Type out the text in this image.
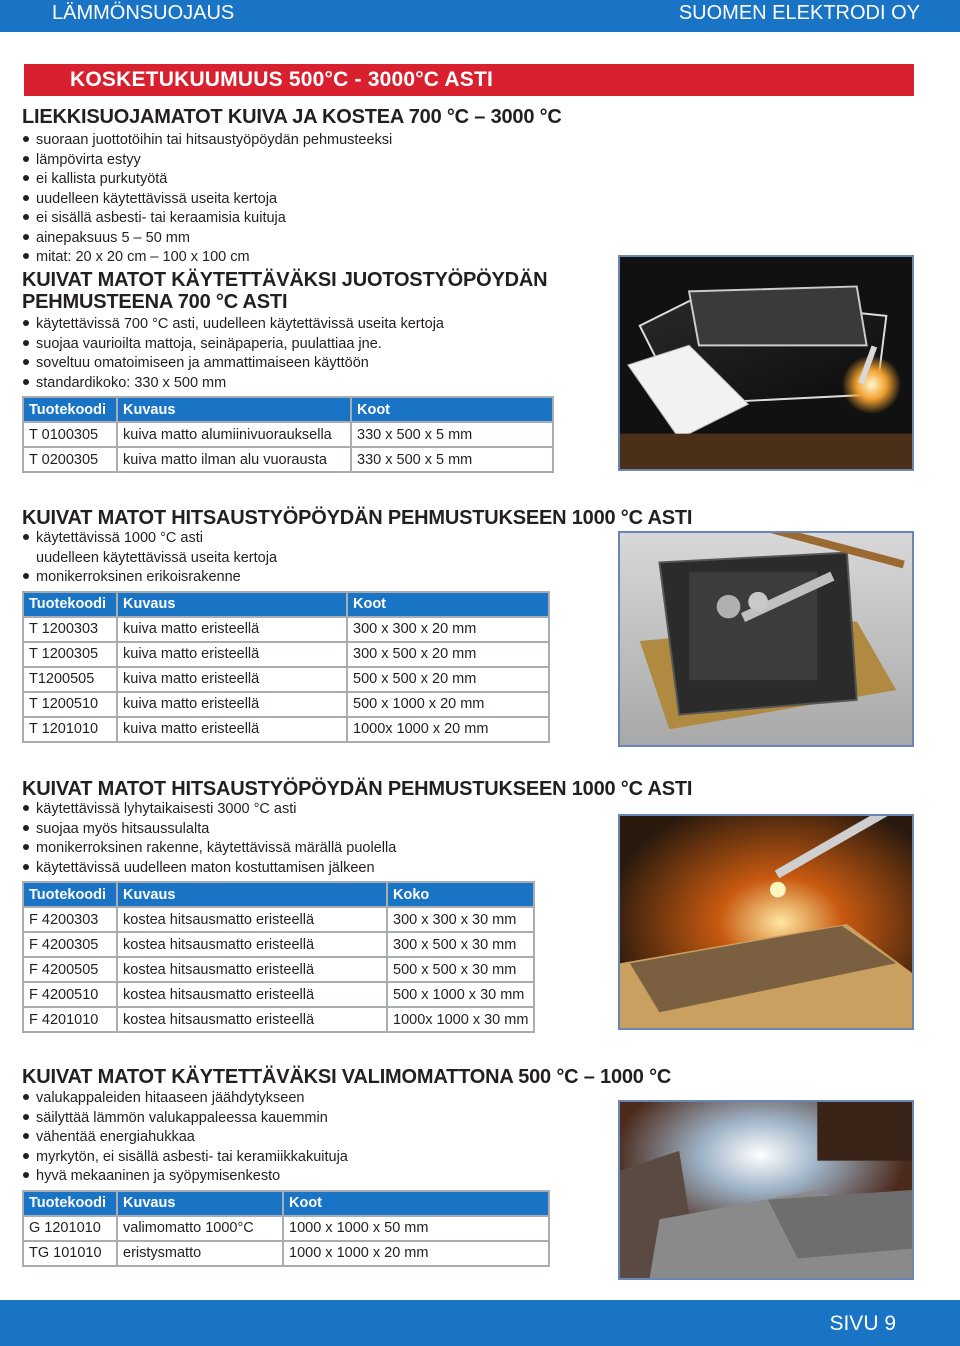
LÄMMÖNSUOJAUS	SUOMEN ELEKTRODI OY
KOSKETUKUUMUUS 500°C - 3000°C ASTI
LIEKKISUOJAMATOT KUIVA JA KOSTEA 700 °C – 3000 °C
suoraan juottotöihin tai hitsaustyöpöydän pehmusteeksi
lämpövirta estyy
ei kallista purkutyötä
uudelleen käytettävissä useita kertoja
ei sisällä asbesti- tai keraamisia kuituja
ainepaksuus 5 – 50 mm
mitat: 20 x 20 cm – 100 x 100 cm
KUIVAT MATOT KÄYTETTÄVÄKSI JUOTOSTYÖPÖYDÄN
PEHMUSTEENA 700 °C ASTI
käytettävissä 700 °C asti, uudelleen käytettävissä useita kertoja
suojaa vaurioilta mattoja, seinäpaperia, puulattiaa jne.
soveltuu omatoimiseen ja ammattimaiseen käyttöön
standardikoko: 330 x 500 mm
Tuotekoodi	Kuvaus	Koot
T 0100305	kuiva matto alumiinivuorauksella	330 x 500 x 5 mm
T 0200305	kuiva matto ilman alu vuorausta	330 x 500 x 5 mm
KUIVAT MATOT HITSAUSTYÖPÖYDÄN PEHMUSTUKSEEN 1000 °C ASTI
käytettävissä 1000 °C asti
uudelleen käytettävissä useita kertoja
monikerroksinen erikoisrakenne
Tuotekoodi	Kuvaus	Koot
T 1200303	kuiva matto eristeellä	300 x 300 x 20 mm
T 1200305	kuiva matto eristeellä	300 x 500 x 20 mm
T1200505	kuiva matto eristeellä	500 x 500 x 20 mm
T 1200510	kuiva matto eristeellä	500 x 1000 x 20 mm
T 1201010	kuiva matto eristeellä	1000x 1000 x 20 mm
KUIVAT MATOT HITSAUSTYÖPÖYDÄN PEHMUSTUKSEEN 1000 °C ASTI
käytettävissä lyhytaikaisesti 3000 °C asti
suojaa myös hitsaussulalta
monikerroksinen rakenne, käytettävissä märällä puolella
käytettävissä uudelleen maton kostuttamisen jälkeen
Tuotekoodi	Kuvaus	Koko
F 4200303	kostea hitsausmatto eristeellä	300 x 300 x 30 mm
F 4200305	kostea hitsausmatto eristeellä	300 x 500 x 30 mm
F 4200505	kostea hitsausmatto eristeellä	500 x 500 x 30 mm
F 4200510	kostea hitsausmatto eristeellä	500 x 1000 x 30 mm
F 4201010	kostea hitsausmatto eristeellä	1000x 1000 x 30 mm
KUIVAT MATOT KÄYTETTÄVÄKSI VALIMOMATTONA 500 °C – 1000 °C
valukappaleiden hitaaseen jäähdytykseen
säilyttää lämmön valukappaleessa kauemmin
vähentää energiahukkaa
myrkytön, ei sisällä asbesti- tai keramiikkakuituja
hyvä mekaaninen ja syöpymisenkesto
Tuotekoodi	Kuvaus	Koot
G 1201010	valimomatto 1000°C	1000 x 1000 x 50 mm
TG 101010	eristysmatto	1000 x 1000 x 20 mm
SIVU 9
